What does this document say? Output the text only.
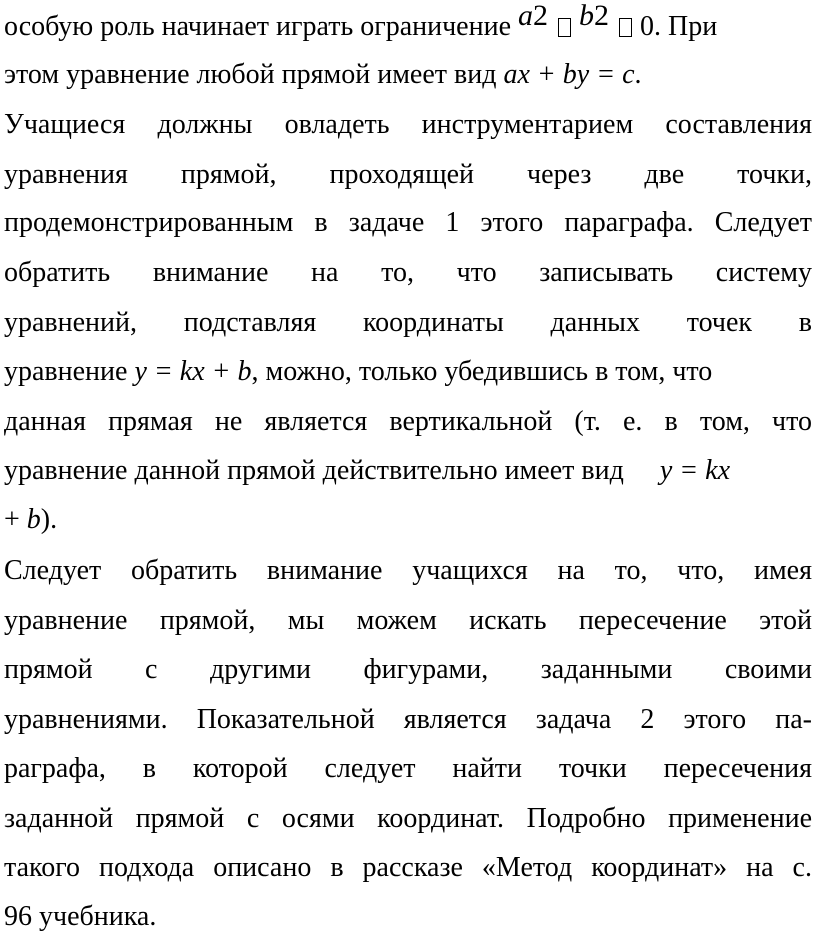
особую роль начинает играть ограничение a2 b2 0. При
этом уравнение любой прямой имеет вид ax + by = c.
Учащиеся должны овладеть инструментарием составления
уравнения прямой, проходящей через две точки,
продемонстрированным в задаче 1 этого параграфа. Следует
обратить внимание на то, что записывать систему
уравнений, подставляя координаты данных точек в
уравнение y = kx + b, можно, только убедившись в том, что
данная прямая не является вертикальной (т. е. в том, что
уравнение данной прямой действительно имеет вид y = kx
+ b).
Следует обратить внимание учащихся на то, что, имея
уравнение прямой, мы можем искать пересечение этой
прямой с другими фигурами, заданными своими
уравнениями. Показательной является задача 2 этого па-
раграфа, в которой следует найти точки пересечения
заданной прямой с осями координат. Подробно применение
такого подхода описано в рассказе «Метод координат» на с.
96 учебника.
